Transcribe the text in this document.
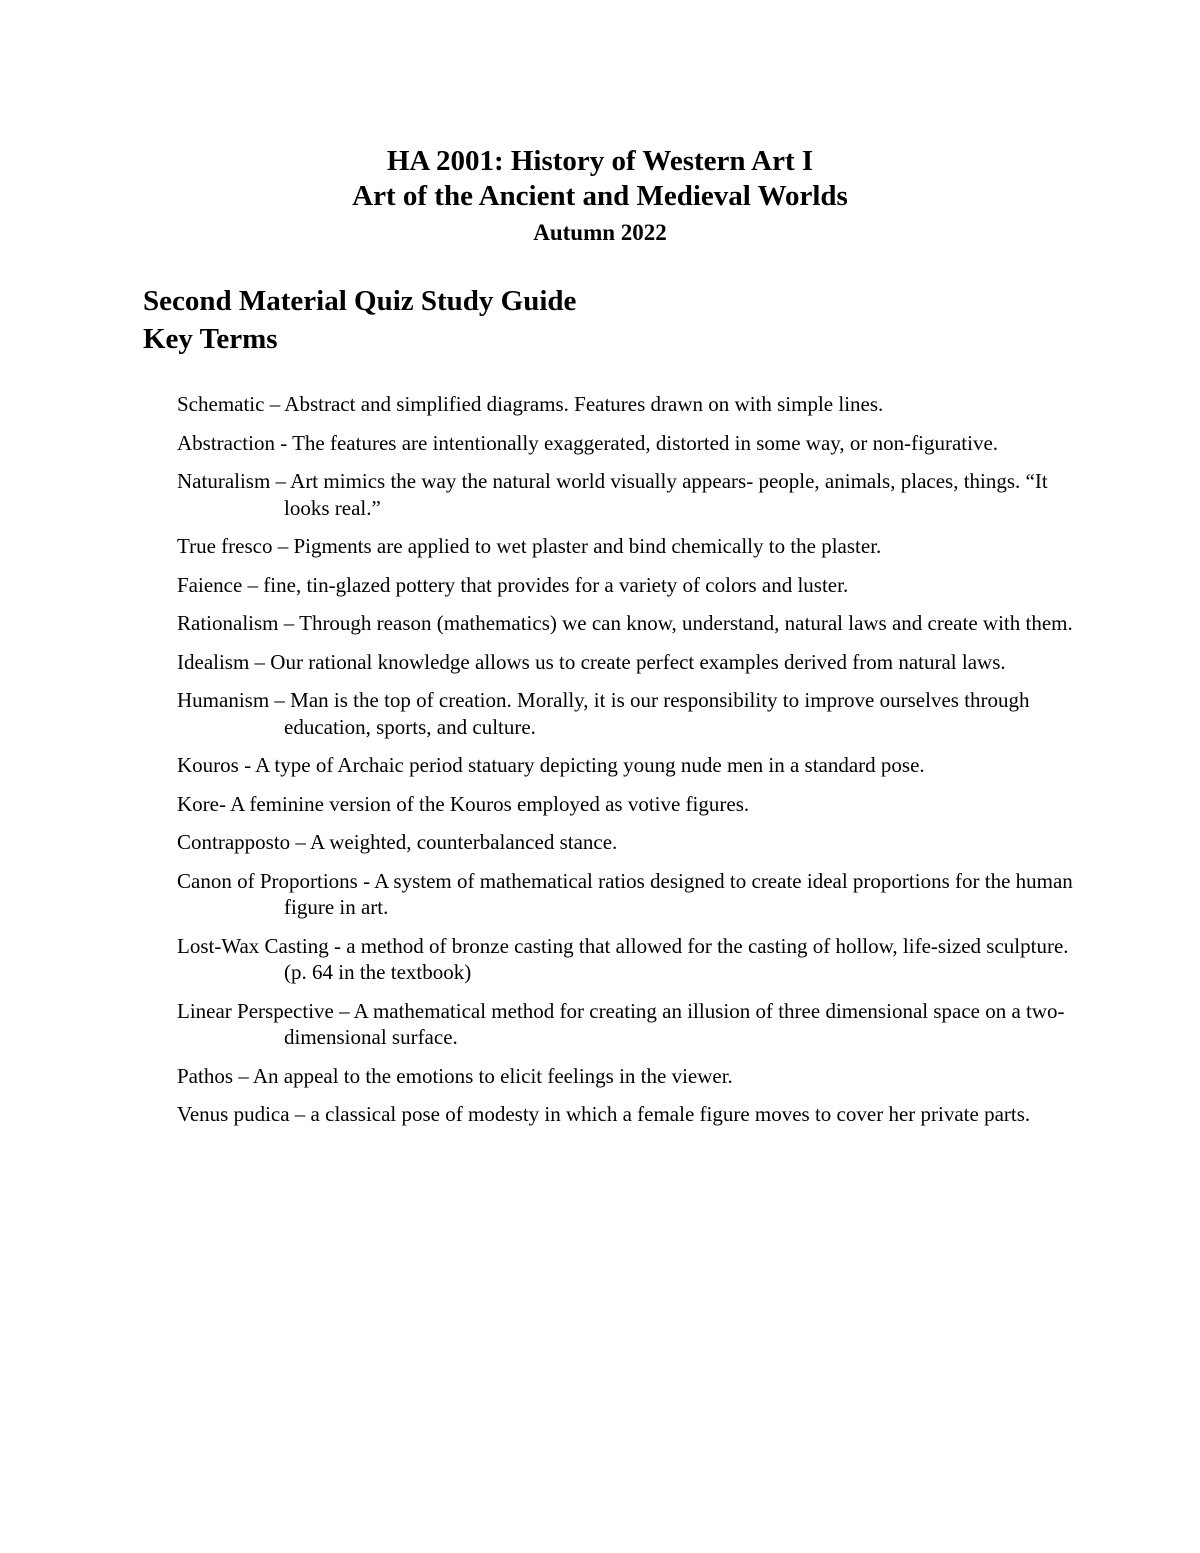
HA 2001: History of Western Art I

Art of the Ancient and Medieval Worlds

Autumn 2022

Second Material Quiz Study Guide

Key Terms

Schematic – Abstract and simplified diagrams. Features drawn on with simple lines.
Abstraction - The features are intentionally exaggerated, distorted in some way, or non-figurative.
Naturalism – Art mimics the way the natural world visually appears- people, animals, places, things. “It looks real.”
True fresco – Pigments are applied to wet plaster and bind chemically to the plaster.
Faience – fine, tin-glazed pottery that provides for a variety of colors and luster.
Rationalism – Through reason (mathematics) we can know, understand, natural laws and create with them.
Idealism – Our rational knowledge allows us to create perfect examples derived from natural laws.
Humanism – Man is the top of creation. Morally, it is our responsibility to improve ourselves through education, sports, and culture.
Kouros - A type of Archaic period statuary depicting young nude men in a standard pose.
Kore- A feminine version of the Kouros employed as votive figures.
Contrapposto – A weighted, counterbalanced stance.
Canon of Proportions - A system of mathematical ratios designed to create ideal proportions for the human figure in art.
Lost-Wax Casting - a method of bronze casting that allowed for the casting of hollow, life-sized sculpture. (p. 64 in the textbook)
Linear Perspective – A mathematical method for creating an illusion of three dimensional space on a two-dimensional surface.
Pathos – An appeal to the emotions to elicit feelings in the viewer.
Venus pudica – a classical pose of modesty in which a female figure moves to cover her private parts.
